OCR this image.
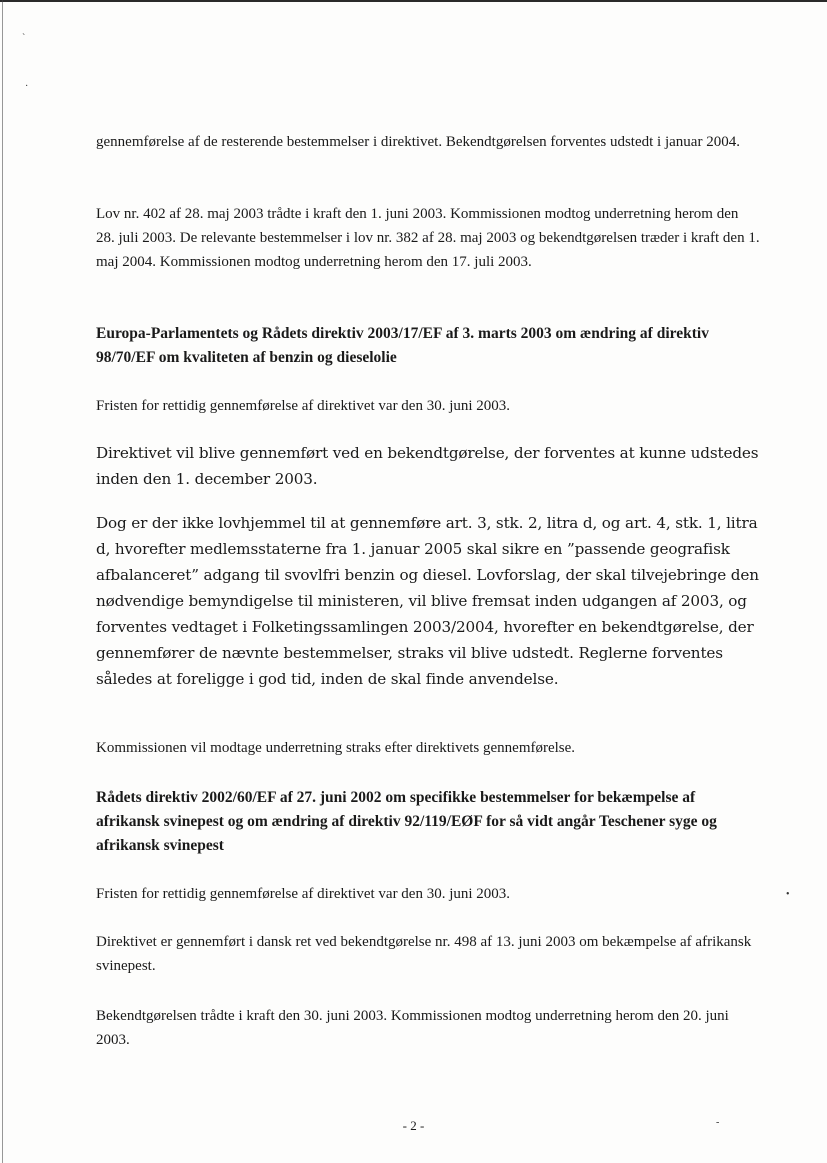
`
·
•
-

gennemførelse af de resterende bestemmelser i direktivet. Bekendtgørelsen forventes udstedt i januar 2004.

Lov nr. 402 af 28. maj 2003 trådte i kraft den 1. juni 2003. Kommissionen modtog underretning herom den 28. juli 2003. De relevante bestemmelser i lov nr. 382 af 28. maj 2003 og bekendtgørelsen træder i kraft den 1. maj 2004. Kommissionen modtog underretning herom den 17. juli 2003.

Europa-Parlamentets og Rådets direktiv 2003/17/EF af 3. marts 2003 om ændring af direktiv 98/70/EF om kvaliteten af benzin og dieselolie

Fristen for rettidig gennemførelse af direktivet var den 30. juni 2003.

Direktivet vil blive gennemført ved en bekendtgørelse, der forventes at kunne udstedes inden den 1. december 2003.

Dog er der ikke lovhjemmel til at gennemføre art. 3, stk. 2, litra d, og art. 4, stk. 1, litra d, hvorefter medlemsstaterne fra 1. januar 2005 skal sikre en ”passende geografisk afbalanceret” adgang til svovlfri benzin og diesel. Lovforslag, der skal tilvejebringe den nødvendige bemyndigelse til ministeren, vil blive fremsat inden udgangen af 2003, og forventes vedtaget i Folketingssamlingen 2003/2004, hvorefter en bekendtgørelse, der gennemfører de nævnte bestemmelser, straks vil blive udstedt. Reglerne forventes således at foreligge i god tid, inden de skal finde anvendelse.

Kommissionen vil modtage underretning straks efter direktivets gennemførelse.

Rådets direktiv 2002/60/EF af 27. juni 2002 om specifikke bestemmelser for bekæmpelse af afrikansk svinepest og om ændring af direktiv 92/119/EØF for så vidt angår Teschener syge og afrikansk svinepest

Fristen for rettidig gennemførelse af direktivet var den 30. juni 2003.

Direktivet er gennemført i dansk ret ved bekendtgørelse nr. 498 af 13. juni 2003 om bekæmpelse af afrikansk svinepest.

Bekendtgørelsen trådte i kraft den 30. juni 2003. Kommissionen modtog underretning herom den 20. juni 2003.

- 2 -
